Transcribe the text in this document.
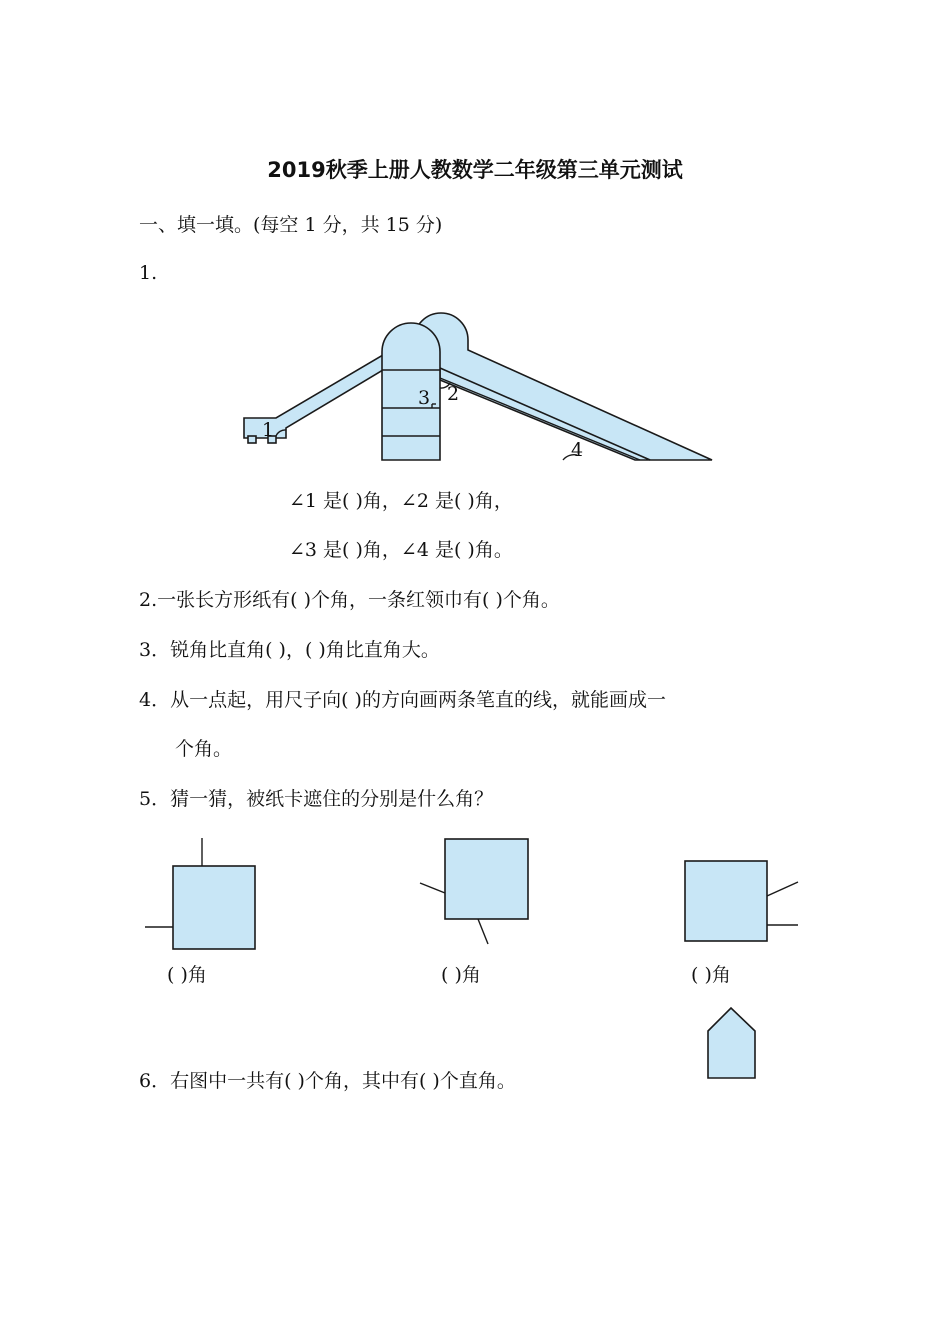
2019秋季上册人教数学二年级第三单元测试
一、填一填。(每空 1 分，共 15 分)
1.
1
2
3
4
∠1 是( )角，∠2 是( )角，
∠3 是( )角，∠4 是( )角。
2.一张长方形纸有( )个角，一条红领巾有( )个角。
3．锐角比直角( )，( )角比直角大。
4．从一点起，用尺子向( )的方向画两条笔直的线，就能画成一
个角。
5．猜一猜，被纸卡遮住的分别是什么角？
( )角	( )角	( )角
6．右图中一共有( )个角，其中有( )个直角。
